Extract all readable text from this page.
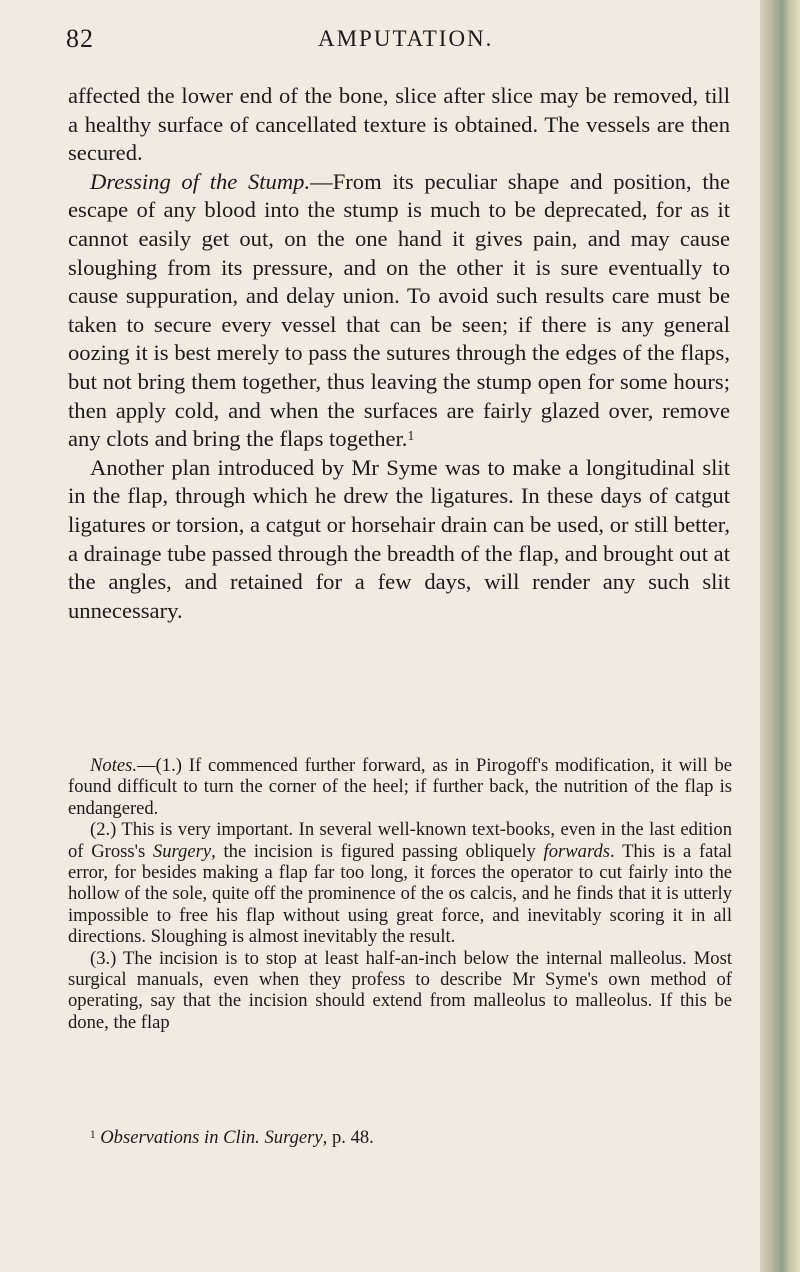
82	AMPUTATION.

affected the lower end of the bone, slice after slice may be removed, till a healthy surface of cancellated texture is obtained. The vessels are then secured.

Dressing of the Stump.—From its peculiar shape and position, the escape of any blood into the stump is much to be deprecated, for as it cannot easily get out, on the one hand it gives pain, and may cause sloughing from its pressure, and on the other it is sure eventually to cause suppuration, and delay union. To avoid such results care must be taken to secure every vessel that can be seen; if there is any general oozing it is best merely to pass the sutures through the edges of the flaps, but not bring them together, thus leaving the stump open for some hours; then apply cold, and when the surfaces are fairly glazed over, remove any clots and bring the flaps together.$^1$

Another plan introduced by Mr Syme was to make a longitudinal slit in the flap, through which he drew the ligatures. In these days of catgut ligatures or torsion, a catgut or horsehair drain can be used, or still better, a drainage tube passed through the breadth of the flap, and brought out at the angles, and retained for a few days, will render any such slit unnecessary.

Notes.—(1.) If commenced further forward, as in Pirogoff's modification, it will be found difficult to turn the corner of the heel; if further back, the nutrition of the flap is endangered.

(2.) This is very important. In several well-known text-books, even in the last edition of Gross's Surgery, the incision is figured passing obliquely forwards. This is a fatal error, for besides making a flap far too long, it forces the operator to cut fairly into the hollow of the sole, quite off the prominence of the os calcis, and he finds that it is utterly impossible to free his flap without using great force, and inevitably scoring it in all directions. Sloughing is almost inevitably the result.

(3.) The incision is to stop at least half-an-inch below the internal malleolus. Most surgical manuals, even when they profess to describe Mr Syme's own method of operating, say that the incision should extend from malleolus to malleolus. If this be done, the flap

$^1$ Observations in Clin. Surgery, p. 48.
